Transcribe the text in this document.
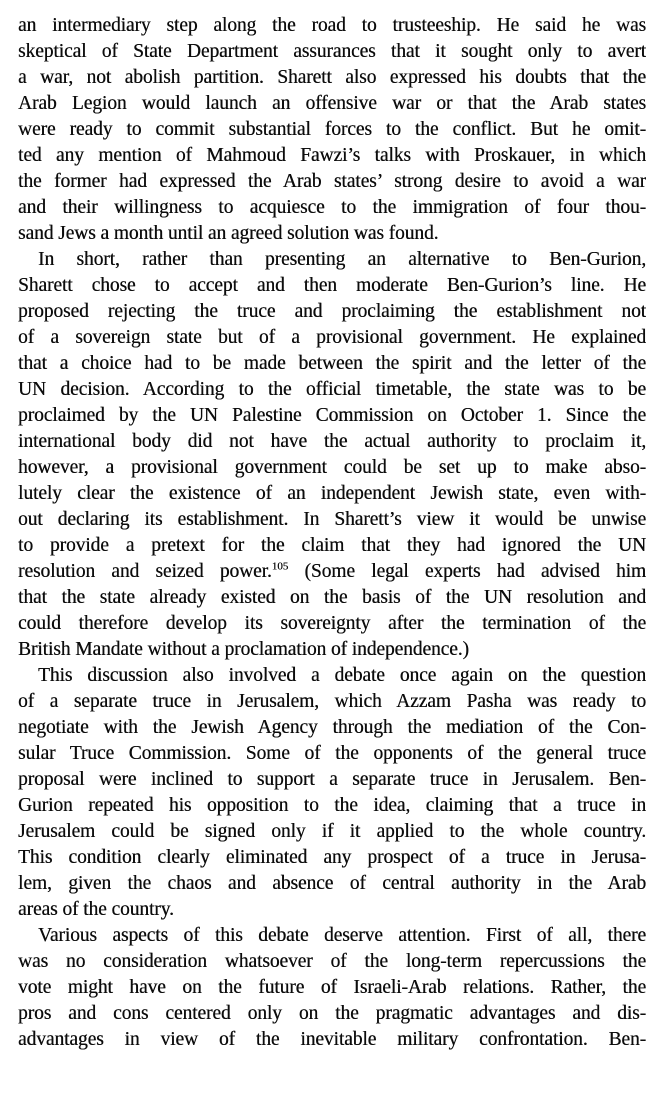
an intermediary step along the road to trusteeship. He said he was
skeptical of State Department assurances that it sought only to avert
a war, not abolish partition. Sharett also expressed his doubts that the
Arab Legion would launch an offensive war or that the Arab states
were ready to commit substantial forces to the conflict. But he omit-
ted any mention of Mahmoud Fawzi’s talks with Proskauer, in which
the former had expressed the Arab states’ strong desire to avoid a war
and their willingness to acquiesce to the immigration of four thou-
sand Jews a month until an agreed solution was found.
In short, rather than presenting an alternative to Ben-Gurion,
Sharett chose to accept and then moderate Ben-Gurion’s line. He
proposed rejecting the truce and proclaiming the establishment not
of a sovereign state but of a provisional government. He explained
that a choice had to be made between the spirit and the letter of the
UN decision. According to the official timetable, the state was to be
proclaimed by the UN Palestine Commission on October 1. Since the
international body did not have the actual authority to proclaim it,
however, a provisional government could be set up to make abso-
lutely clear the existence of an independent Jewish state, even with-
out declaring its establishment. In Sharett’s view it would be unwise
to provide a pretext for the claim that they had ignored the UN
resolution and seized power.$^{105}$ (Some legal experts had advised him
that the state already existed on the basis of the UN resolution and
could therefore develop its sovereignty after the termination of the
British Mandate without a proclamation of independence.)
This discussion also involved a debate once again on the question
of a separate truce in Jerusalem, which Azzam Pasha was ready to
negotiate with the Jewish Agency through the mediation of the Con-
sular Truce Commission. Some of the opponents of the general truce
proposal were inclined to support a separate truce in Jerusalem. Ben-
Gurion repeated his opposition to the idea, claiming that a truce in
Jerusalem could be signed only if it applied to the whole country.
This condition clearly eliminated any prospect of a truce in Jerusa-
lem, given the chaos and absence of central authority in the Arab
areas of the country.
Various aspects of this debate deserve attention. First of all, there
was no consideration whatsoever of the long-term repercussions the
vote might have on the future of Israeli-Arab relations. Rather, the
pros and cons centered only on the pragmatic advantages and dis-
advantages in view of the inevitable military confrontation. Ben-
